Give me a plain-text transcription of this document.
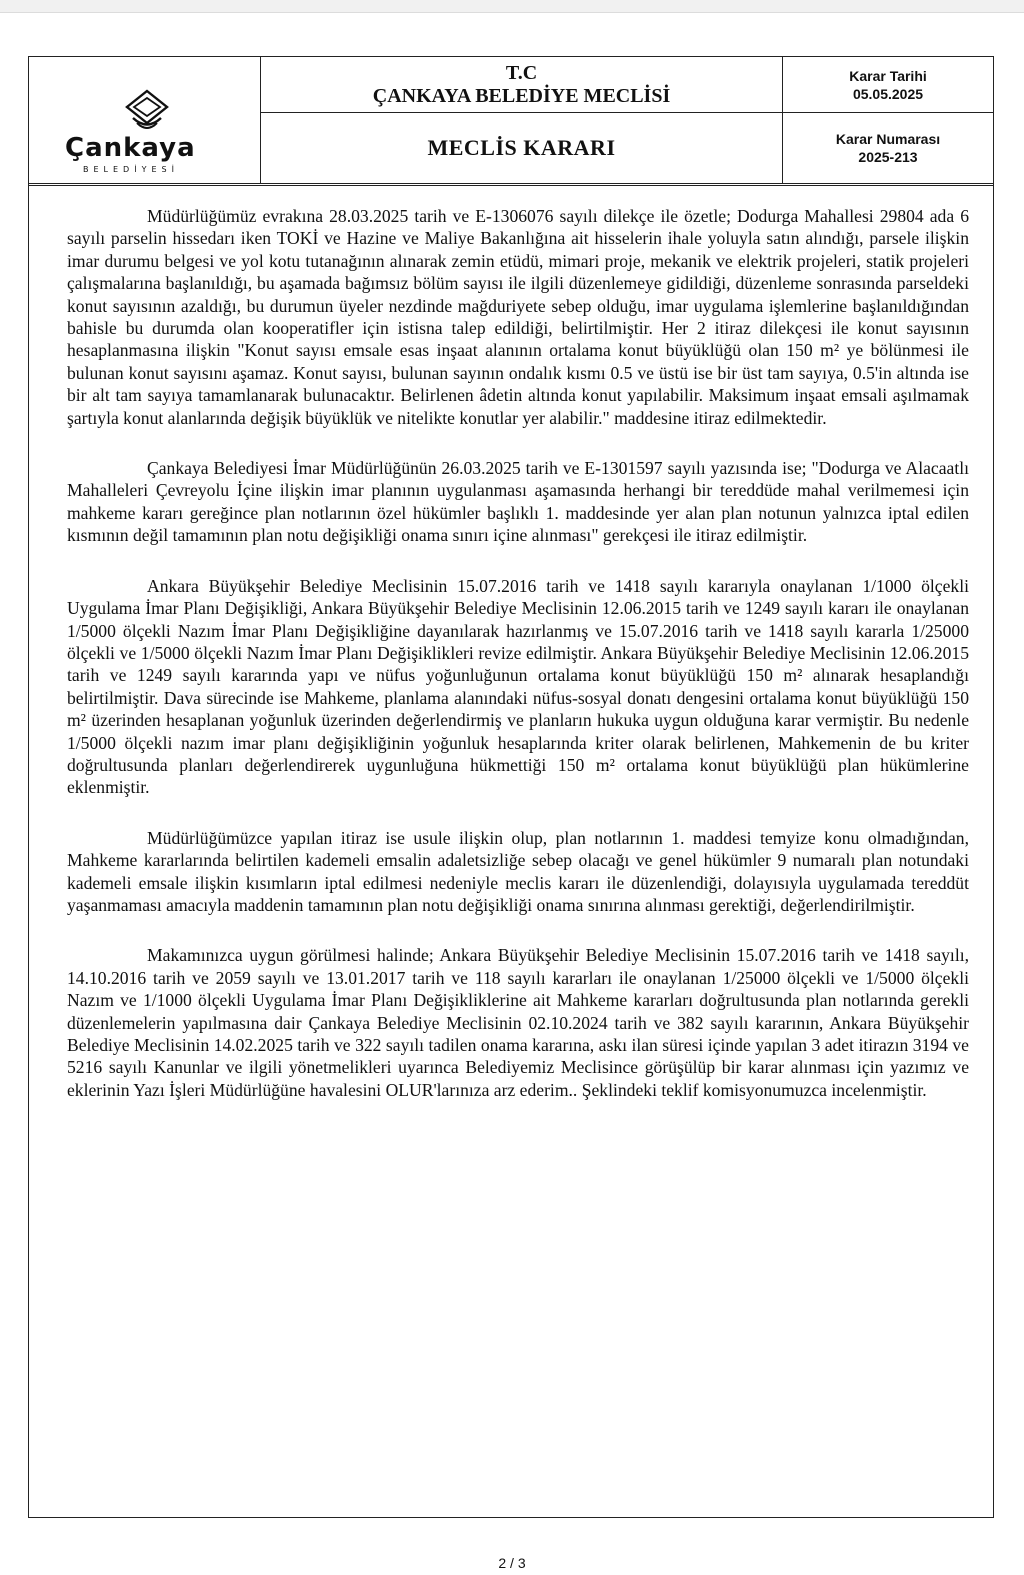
Çankaya
BELEDİYESİ
T.C
ÇANKAYA BELEDİYE MECLİSİ
MECLİS KARARI
Karar Tarihi
05.05.2025
Karar Numarası
2025-213

Müdürlüğümüz evrakına 28.03.2025 tarih ve E-1306076 sayılı dilekçe ile özetle; Dodurga Mahallesi 29804 ada 6 sayılı parselin hissedarı iken TOKİ ve Hazine ve Maliye Bakanlığına ait hisselerin ihale yoluyla satın alındığı, parsele ilişkin imar durumu belgesi ve yol kotu tutanağının alınarak zemin etüdü, mimari proje, mekanik ve elektrik projeleri, statik projeleri çalışmalarına başlanıldığı, bu aşamada bağımsız bölüm sayısı ile ilgili düzenlemeye gidildiği, düzenleme sonrasında parseldeki konut sayısının azaldığı, bu durumun üyeler nezdinde mağduriyete sebep olduğu, imar uygulama işlemlerine başlanıldığından bahisle bu durumda olan kooperatifler için istisna talep edildiği, belirtilmiştir. Her 2 itiraz dilekçesi ile konut sayısının hesaplanmasına ilişkin "Konut sayısı emsale esas inşaat alanının ortalama konut büyüklüğü olan 150 m² ye bölünmesi ile bulunan konut sayısını aşamaz. Konut sayısı, bulunan sayının ondalık kısmı 0.5 ve üstü ise bir üst tam sayıya, 0.5'in altında ise bir alt tam sayıya tamamlanarak bulunacaktır. Belirlenen âdetin altında konut yapılabilir. Maksimum inşaat emsali aşılmamak şartıyla konut alanlarında değişik büyüklük ve nitelikte konutlar yer alabilir." maddesine itiraz edilmektedir.

Çankaya Belediyesi İmar Müdürlüğünün 26.03.2025 tarih ve E-1301597 sayılı yazısında ise; "Dodurga ve Alacaatlı Mahalleleri Çevreyolu İçine ilişkin imar planının uygulanması aşamasında herhangi bir tereddüde mahal verilmemesi için mahkeme kararı gereğince plan notlarının özel hükümler başlıklı 1. maddesinde yer alan plan notunun yalnızca iptal edilen kısmının değil tamamının plan notu değişikliği onama sınırı içine alınması" gerekçesi ile itiraz edilmiştir.

Ankara Büyükşehir Belediye Meclisinin 15.07.2016 tarih ve 1418 sayılı kararıyla onaylanan 1/1000 ölçekli Uygulama İmar Planı Değişikliği, Ankara Büyükşehir Belediye Meclisinin 12.06.2015 tarih ve 1249 sayılı kararı ile onaylanan 1/5000 ölçekli Nazım İmar Planı Değişikliğine dayanılarak hazırlanmış ve 15.07.2016 tarih ve 1418 sayılı kararla 1/25000 ölçekli ve 1/5000 ölçekli Nazım İmar Planı Değişiklikleri revize edilmiştir. Ankara Büyükşehir Belediye Meclisinin 12.06.2015 tarih ve 1249 sayılı kararında yapı ve nüfus yoğunluğunun ortalama konut büyüklüğü 150 m² alınarak hesaplandığı belirtilmiştir. Dava sürecinde ise Mahkeme, planlama alanındaki nüfus-sosyal donatı dengesini ortalama konut büyüklüğü 150 m² üzerinden hesaplanan yoğunluk üzerinden değerlendirmiş ve planların hukuka uygun olduğuna karar vermiştir. Bu nedenle 1/5000 ölçekli nazım imar planı değişikliğinin yoğunluk hesaplarında kriter olarak belirlenen, Mahkemenin de bu kriter doğrultusunda planları değerlendirerek uygunluğuna hükmettiği 150 m² ortalama konut büyüklüğü plan hükümlerine eklenmiştir.

Müdürlüğümüzce yapılan itiraz ise usule ilişkin olup, plan notlarının 1. maddesi temyize konu olmadığından, Mahkeme kararlarında belirtilen kademeli emsalin adaletsizliğe sebep olacağı ve genel hükümler 9 numaralı plan notundaki kademeli emsale ilişkin kısımların iptal edilmesi nedeniyle meclis kararı ile düzenlendiği, dolayısıyla uygulamada tereddüt yaşanmaması amacıyla maddenin tamamının plan notu değişikliği onama sınırına alınması gerektiği, değerlendirilmiştir.

Makamınızca uygun görülmesi halinde; Ankara Büyükşehir Belediye Meclisinin 15.07.2016 tarih ve 1418 sayılı, 14.10.2016 tarih ve 2059 sayılı ve 13.01.2017 tarih ve 118 sayılı kararları ile onaylanan 1/25000 ölçekli ve 1/5000 ölçekli Nazım ve 1/1000 ölçekli Uygulama İmar Planı Değişikliklerine ait Mahkeme kararları doğrultusunda plan notlarında gerekli düzenlemelerin yapılmasına dair Çankaya Belediye Meclisinin 02.10.2024 tarih ve 382 sayılı kararının, Ankara Büyükşehir Belediye Meclisinin 14.02.2025 tarih ve 322 sayılı tadilen onama kararına, askı ilan süresi içinde yapılan 3 adet itirazın 3194 ve 5216 sayılı Kanunlar ve ilgili yönetmelikleri uyarınca Belediyemiz Meclisince görüşülüp bir karar alınması için yazımız ve eklerinin Yazı İşleri Müdürlüğüne havalesini OLUR'larınıza arz ederim.. Şeklindeki teklif komisyonumuzca incelenmiştir.

2 / 3
